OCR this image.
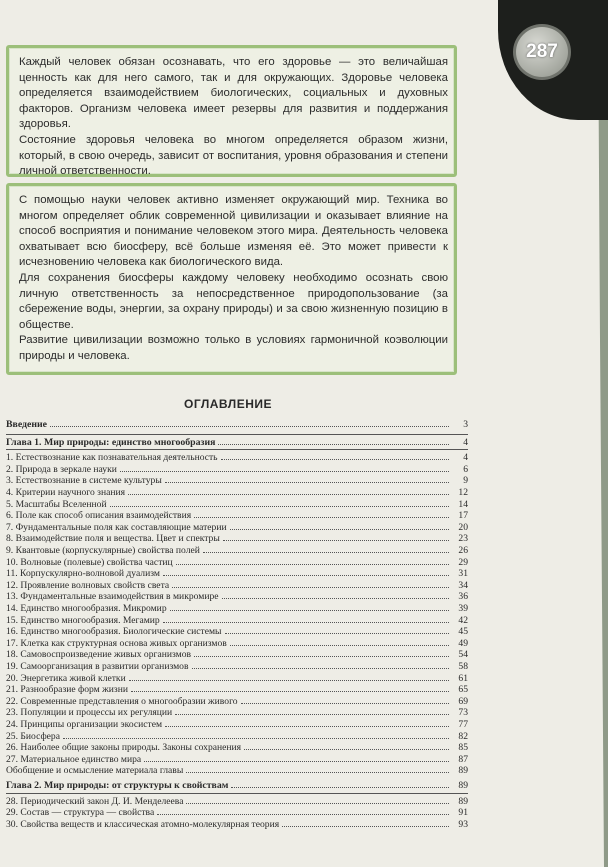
287

Каждый человек обязан осознавать, что его здоровье — это величайшая ценность как для него самого, так и для окружающих. Здоровье человека определяется взаимодействием биологических, социальных и духовных факторов. Организм человека имеет резервы для развития и поддержания здоровья.

Состояние здоровья человека во многом определяется образом жизни, который, в свою очередь, зависит от воспитания, уровня образования и степени личной ответственности.

С помощью науки человек активно изменяет окружающий мир. Техника во многом определяет облик современной цивилизации и оказывает влияние на способ восприятия и понимание человеком этого мира. Деятельность человека охватывает всю биосферу, всё больше изменяя её. Это может привести к исчезновению человека как биологического вида.

Для сохранения биосферы каждому человеку необходимо осознать свою личную ответственность за непосредственное природопользование (за сбережение воды, энергии, за охрану природы) и за свою жизненную позицию в обществе.

Развитие цивилизации возможно только в условиях гармоничной коэволюции природы и человека.

ОГЛАВЛЕНИЕ
Введение	3
Глава 1. Мир природы: единство многообразия	4
1. Естествознание как познавательная деятельность	4
2. Природа в зеркале науки	6
3. Естествознание в системе культуры	9
4. Критерии научного знания	12
5. Масштабы Вселенной	14
6. Поле как способ описания взаимодействия	17
7. Фундаментальные поля как составляющие материи	20
8. Взаимодействие поля и вещества. Цвет и спектры	23
9. Квантовые (корпускулярные) свойства полей	26
10. Волновые (полевые) свойства частиц	29
11. Корпускулярно-волновой дуализм	31
12. Проявление волновых свойств света	34
13. Фундаментальные взаимодействия в микромире	36
14. Единство многообразия. Микромир	39
15. Единство многообразия. Мегамир	42
16. Единство многообразия. Биологические системы	45
17. Клетка как структурная основа живых организмов	49
18. Самовоспроизведение живых организмов	54
19. Самоорганизация в развитии организмов	58
20. Энергетика живой клетки	61
21. Разнообразие форм жизни	65
22. Современные представления о многообразии живого	69
23. Популяции и процессы их регуляции	73
24. Принципы организации экосистем	77
25. Биосфера	82
26. Наиболее общие законы природы. Законы сохранения	85
27. Материальное единство мира	87
Обобщение и осмысление материала главы	89
Глава 2. Мир природы: от структуры к свойствам	89
28. Периодический закон Д. И. Менделеева	89
29. Состав — структура — свойства	91
30. Свойства веществ и классическая атомно-молекулярная теория	93
